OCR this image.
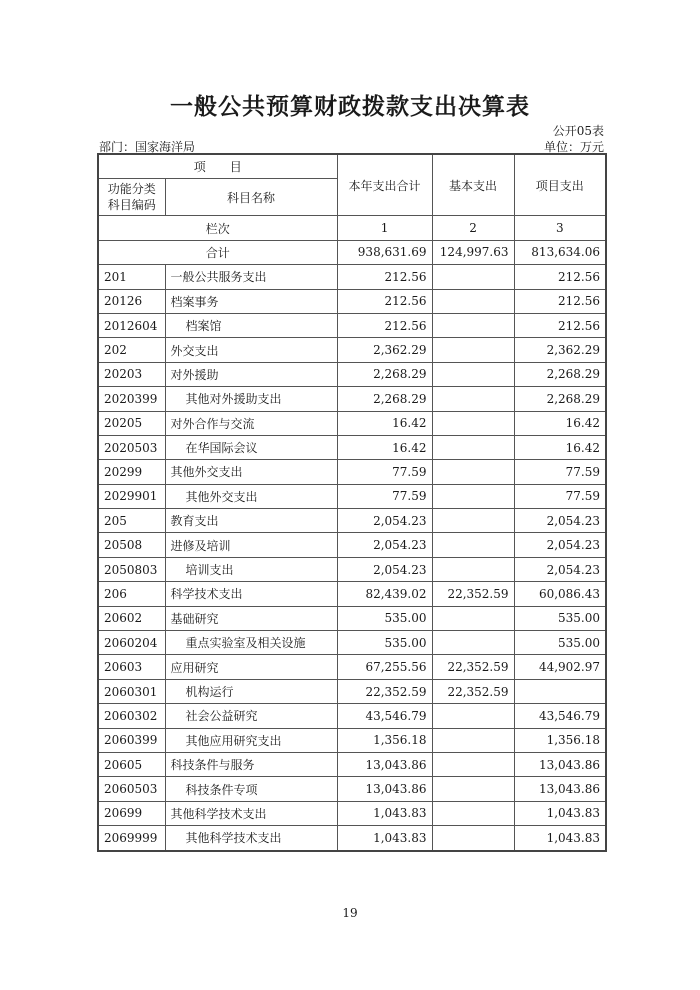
一般公共预算财政拨款支出决算表
公开05表
部门：国家海洋局	单位：万元
项　　目		本年支出合计	基本支出	项目支出

功能分类
科目编码	科目名称			
栏次		1	2	3
合计		938,631.69	124,997.63	813,634.06
201	一般公共服务支出	212.56		212.56
20126	档案事务	212.56		212.56
2012604	档案馆	212.56		212.56
202	外交支出	2,362.29		2,362.29
20203	对外援助	2,268.29		2,268.29
2020399	其他对外援助支出	2,268.29		2,268.29
20205	对外合作与交流	16.42		16.42
2020503	在华国际会议	16.42		16.42
20299	其他外交支出	77.59		77.59
2029901	其他外交支出	77.59		77.59
205	教育支出	2,054.23		2,054.23
20508	进修及培训	2,054.23		2,054.23
2050803	培训支出	2,054.23		2,054.23
206	科学技术支出	82,439.02	22,352.59	60,086.43
20602	基础研究	535.00		535.00
2060204	重点实验室及相关设施	535.00		535.00
20603	应用研究	67,255.56	22,352.59	44,902.97
2060301	机构运行	22,352.59	22,352.59	
2060302	社会公益研究	43,546.79		43,546.79
2060399	其他应用研究支出	1,356.18		1,356.18
20605	科技条件与服务	13,043.86		13,043.86
2060503	科技条件专项	13,043.86		13,043.86
20699	其他科学技术支出	1,043.83		1,043.83
2069999	其他科学技术支出	1,043.83		1,043.83
19
